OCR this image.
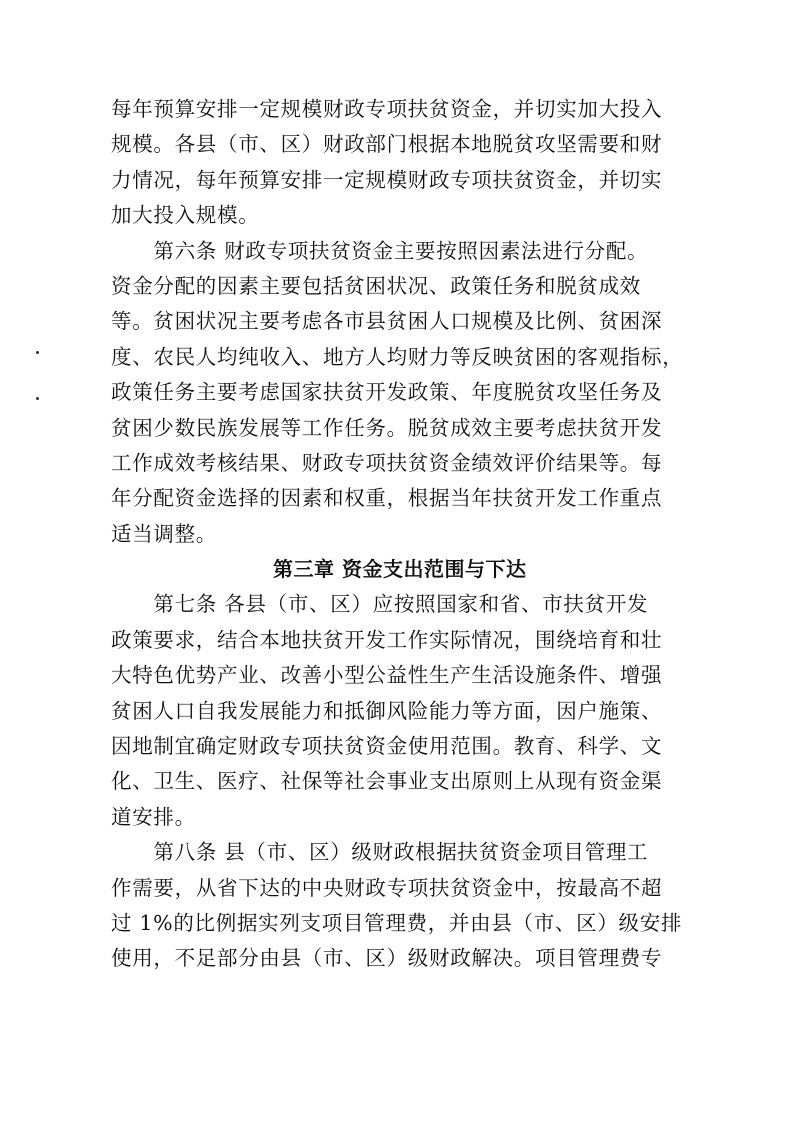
每年预算安排一定规模财政专项扶贫资金，并切实加大投入
规模。各县（市、区）财政部门根据本地脱贫攻坚需要和财
力情况，每年预算安排一定规模财政专项扶贫资金，并切实
加大投入规模。
　　第六条 财政专项扶贫资金主要按照因素法进行分配。
资金分配的因素主要包括贫困状况、政策任务和脱贫成效
等。贫困状况主要考虑各市县贫困人口规模及比例、贫困深
度、农民人均纯收入、地方人均财力等反映贫困的客观指标，
政策任务主要考虑国家扶贫开发政策、年度脱贫攻坚任务及
贫困少数民族发展等工作任务。脱贫成效主要考虑扶贫开发
工作成效考核结果、财政专项扶贫资金绩效评价结果等。每
年分配资金选择的因素和权重，根据当年扶贫开发工作重点
适当调整。
第三章 资金支出范围与下达
　　第七条 各县（市、区）应按照国家和省、市扶贫开发
政策要求，结合本地扶贫开发工作实际情况，围绕培育和壮
大特色优势产业、改善小型公益性生产生活设施条件、增强
贫困人口自我发展能力和抵御风险能力等方面，因户施策、
因地制宜确定财政专项扶贫资金使用范围。教育、科学、文
化、卫生、医疗、社保等社会事业支出原则上从现有资金渠
道安排。
　　第八条 县（市、区）级财政根据扶贫资金项目管理工
作需要，从省下达的中央财政专项扶贫资金中，按最高不超
过 1%的比例据实列支项目管理费，并由县（市、区）级安排
使用，不足部分由县（市、区）级财政解决。项目管理费专
